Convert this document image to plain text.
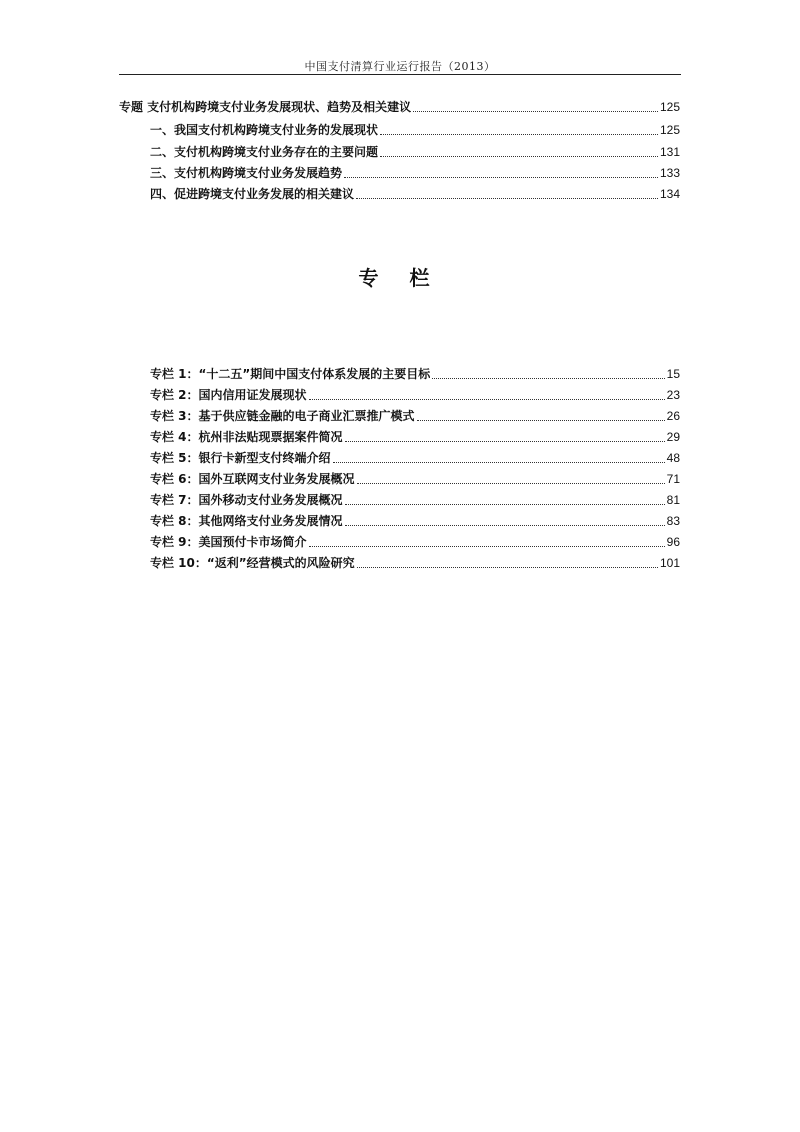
中国支付清算行业运行报告（2013）
专题 支付机构跨境支付业务发展现状、趋势及相关建议	125
一、我国支付机构跨境支付业务的发展现状	125
二、支付机构跨境支付业务存在的主要问题	131
三、支付机构跨境支付业务发展趋势	133
四、促进跨境支付业务发展的相关建议	134
专 栏
专栏 1：“十二五”期间中国支付体系发展的主要目标	15
专栏 2：国内信用证发展现状	23
专栏 3：基于供应链金融的电子商业汇票推广模式	26
专栏 4：杭州非法贴现票据案件简况	29
专栏 5：银行卡新型支付终端介绍	48
专栏 6：国外互联网支付业务发展概况	71
专栏 7：国外移动支付业务发展概况	81
专栏 8：其他网络支付业务发展情况	83
专栏 9：美国预付卡市场简介	96
专栏 10：“返利”经营模式的风险研究	101
